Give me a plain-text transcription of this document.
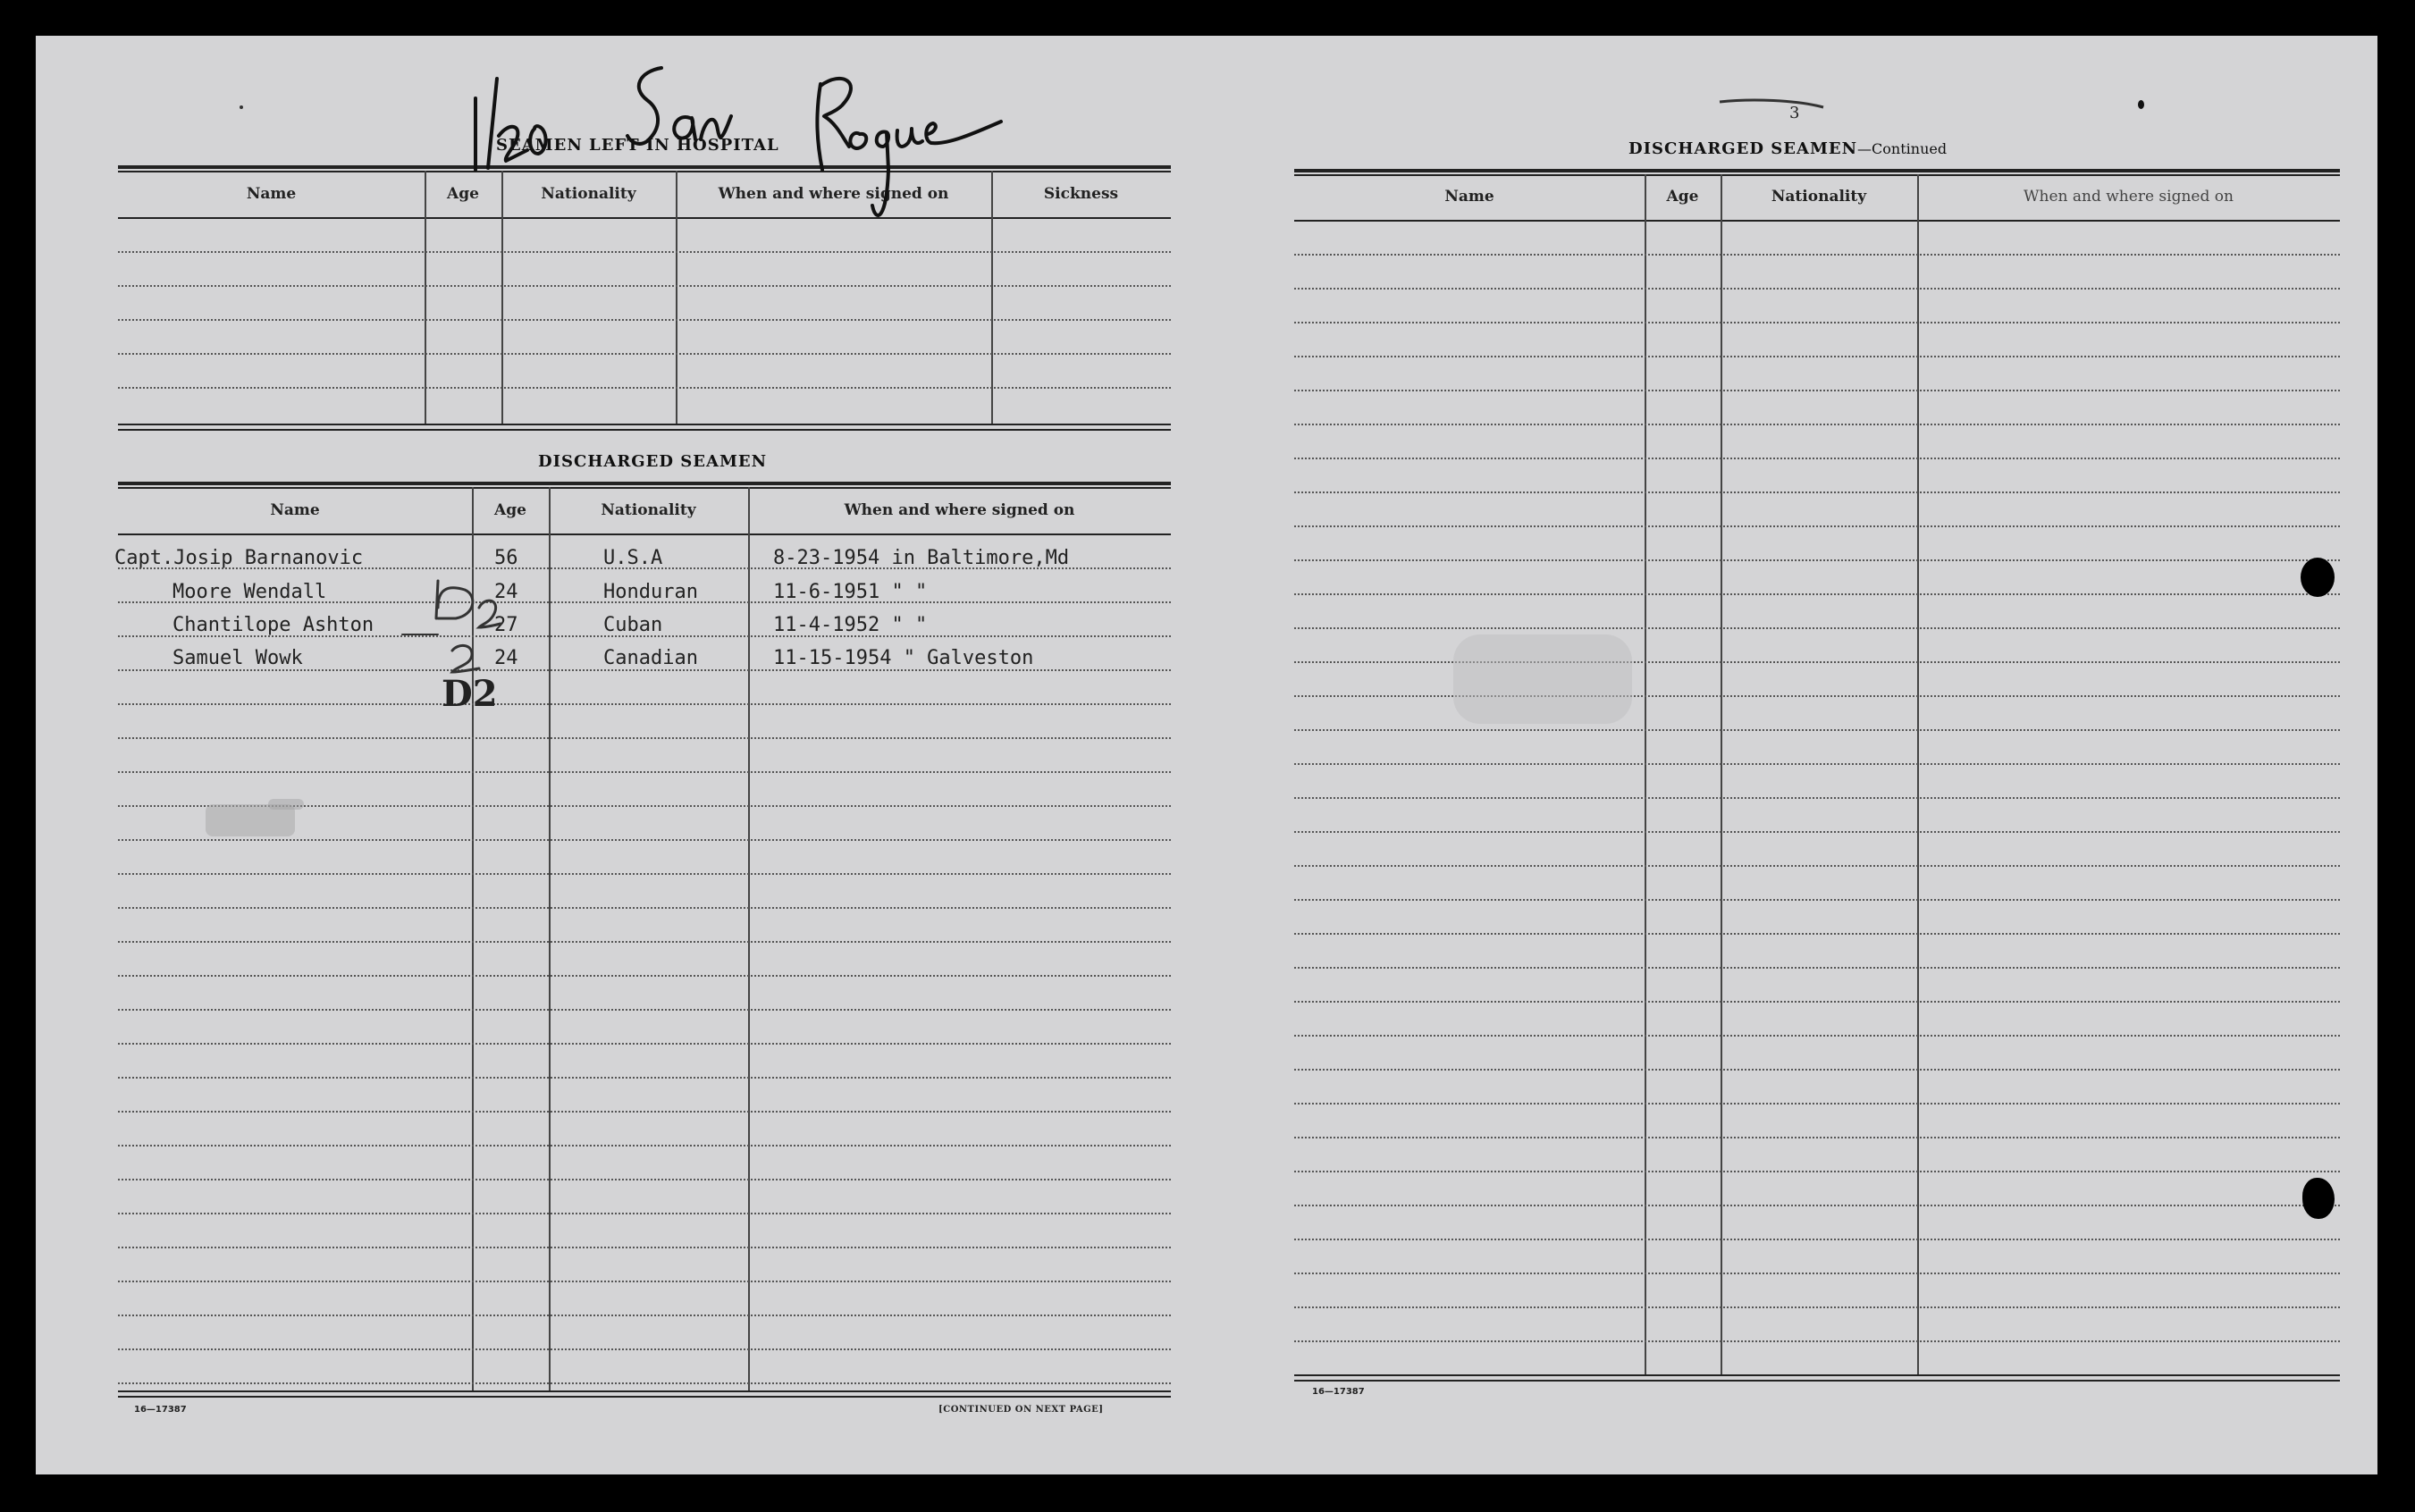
SEAMEN LEFT IN HOSPITAL
Name	Age	Nationality	When and where signed on	Sickness
DISCHARGED SEAMEN
Name	Age	Nationality	When and where signed on
Capt.Josip Barnanovic	56	U.S.A	8-23-1954 in Baltimore,Md
Moore Wendall	24	Honduran	11-6-1951 " "
Chantilope Ashton	27	Cuban	11-4-1952 " "
Samuel Wowk	24	Canadian	11-15-1954 " Galveston
16—17387	[CONTINUED ON NEXT PAGE]
D2
3
DISCHARGED SEAMEN—Continued
Name	Age	Nationality	When and where signed on
16—17387
